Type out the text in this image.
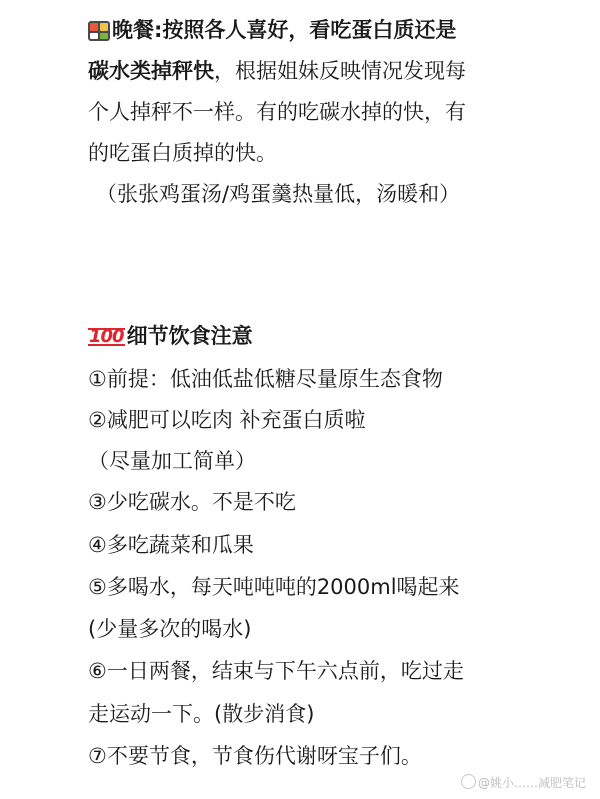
晚餐:按照各人喜好，看吃蛋白质还是
碳水类掉秤快，根据姐妹反映情况发现每
个人掉秤不一样。有的吃碳水掉的快，有
的吃蛋白质掉的快。
（张张鸡蛋汤/鸡蛋羹热量低，汤暖和）
100 细节饮食注意
①前提：低油低盐低糖尽量原生态食物
②减肥可以吃肉 补充蛋白质啦
（尽量加工简单）
③少吃碳水。不是不吃
④多吃蔬菜和瓜果
⑤多喝水，每天吨吨吨的2000ml喝起来
(少量多次的喝水)
⑥一日两餐，结束与下午六点前，吃过走
走运动一下。(散步消食)
⑦不要节食，节食伤代谢呀宝子们。
@姚小……减肥笔记
